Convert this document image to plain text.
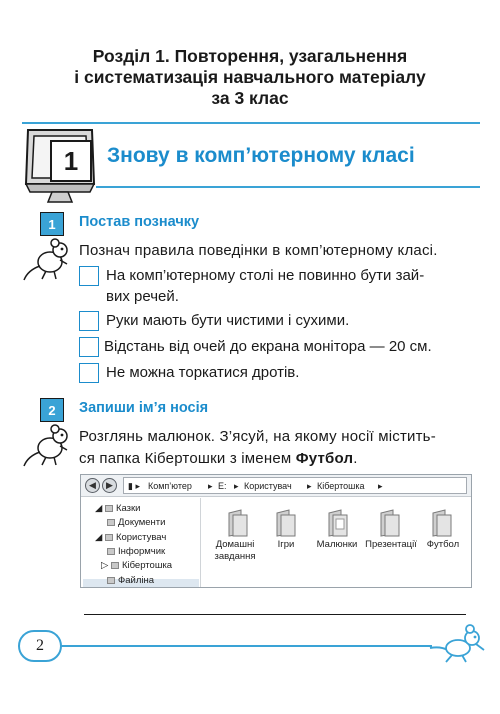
Розділ 1. Повторення, узагальнення
і систематизація навчального матеріалу
за 3 клас
1	Знову в комп’ютерному класі
1	Постав позначку
Познач правила поведінки в комп’ютерному класі.
На комп’ютерному столі не повинно бути зай-
вих речей.
Руки мають бути чистими і сухими.
Відстань від очей до екрана монітора — 20 см.
Не можна торкатися дротів.
2	Запиши ім’я носія
Розглянь малюнок. З’ясуй, на якому носії містить-
ся папка Кібертошки з іменем Футбол.
◀	▶	▮ ▸ Комп’ютер ▸ E: ▸ Користувач ▸ Кібертошка ▸
◢ Казки
Документи
◢ Користувач
Інформчик
▷ Кібертошка
Файліна
Домашні
завдання
Ігри	Малюнки Презентації	Футбол
2
